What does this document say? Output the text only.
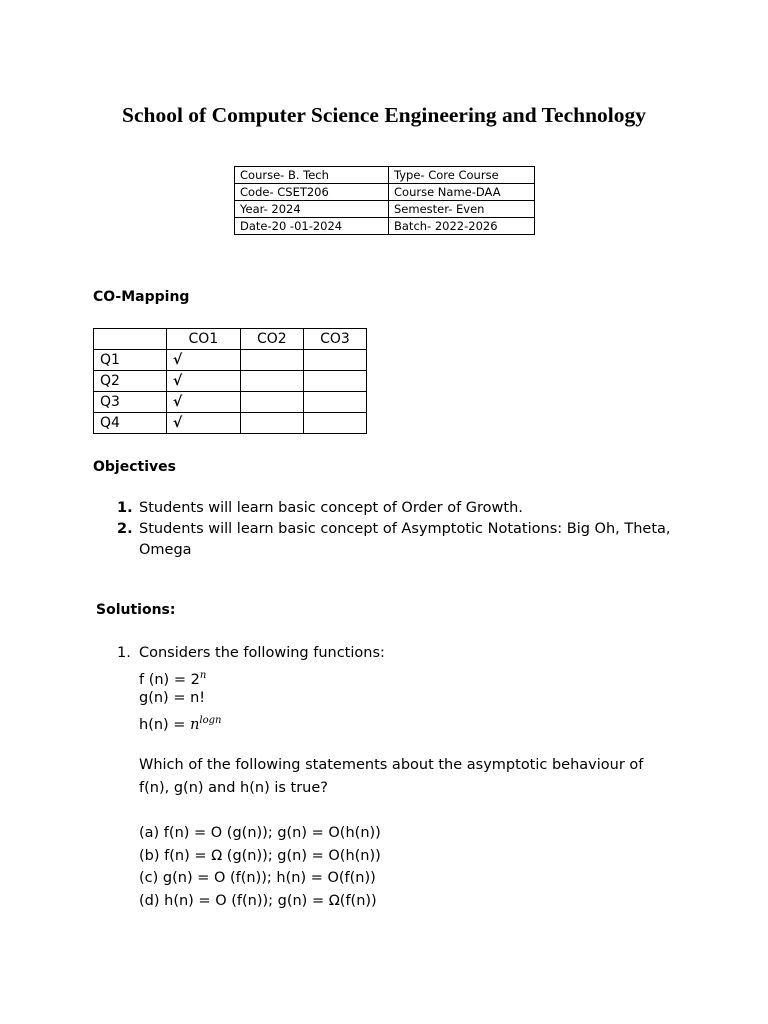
School of Computer Science Engineering and Technology
Course- B. Tech	Type- Core Course
Code- CSET206	Course Name-DAA
Year- 2024	Semester- Even
Date-20 -01-2024	Batch- 2022-2026
CO-Mapping
	CO1	CO2	CO3
Q1	√		
Q2	√		
Q3	√		
Q4	√		
Objectives
1. Students will learn basic concept of Order of Growth.
2. Students will learn basic concept of Asymptotic Notations: Big Oh, Theta,
Omega
Solutions:
1. Considers the following functions:
f $(n) = 2^n$
g(n) = n!
$h(n) = n^{logn}$
Which of the following statements about the asymptotic behaviour of
f(n), g(n) and h(n) is true?
(a) f(n) = O (g(n)); g(n) = O(h(n))
(b) f(n) = Ω (g(n)); g(n) = O(h(n))
(c) g(n) = O (f(n)); h(n) = O(f(n))
(d) h(n) = O (f(n)); g(n) = Ω(f(n))
